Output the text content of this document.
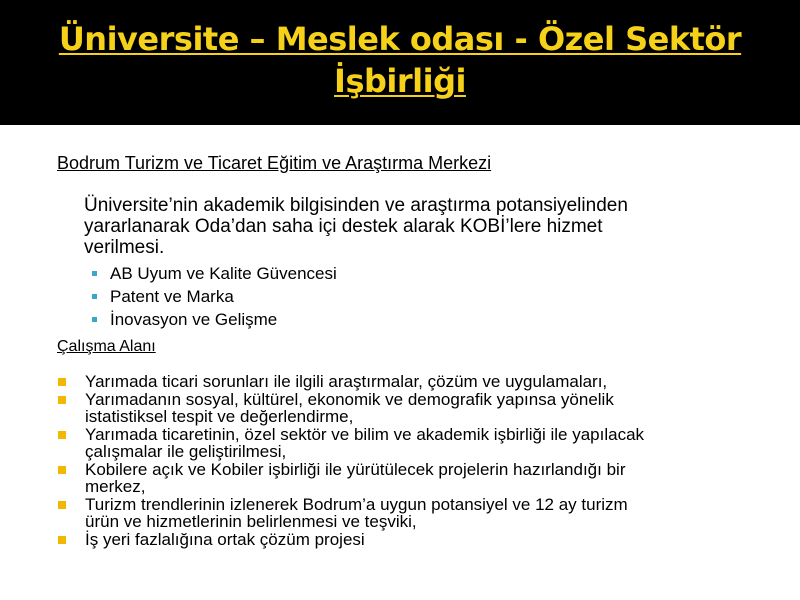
Üniversite – Meslek odası - Özel Sektör
İşbirliği
Bodrum Turizm ve Ticaret Eğitim ve Araştırma Merkezi
Üniversite’nin akademik bilgisinden ve araştırma potansiyelinden
yararlanarak Oda’dan saha içi destek alarak KOBİ’lere hizmet
verilmesi.
AB Uyum ve Kalite Güvencesi
Patent ve Marka
İnovasyon ve Gelişme
Çalışma Alanı
Yarımada ticari sorunları ile ilgili araştırmalar, çözüm ve uygulamaları,
Yarımadanın sosyal, kültürel, ekonomik ve demografik yapınsa yönelik
istatistiksel tespit ve değerlendirme,
Yarımada ticaretinin, özel sektör ve bilim ve akademik işbirliği ile yapılacak
çalışmalar ile geliştirilmesi,
Kobilere açık ve Kobiler işbirliği ile yürütülecek projelerin hazırlandığı bir
merkez,
Turizm trendlerinin izlenerek Bodrum’a uygun potansiyel ve 12 ay turizm
ürün ve hizmetlerinin belirlenmesi ve teşviki,
İş yeri fazlalığına ortak çözüm projesi
